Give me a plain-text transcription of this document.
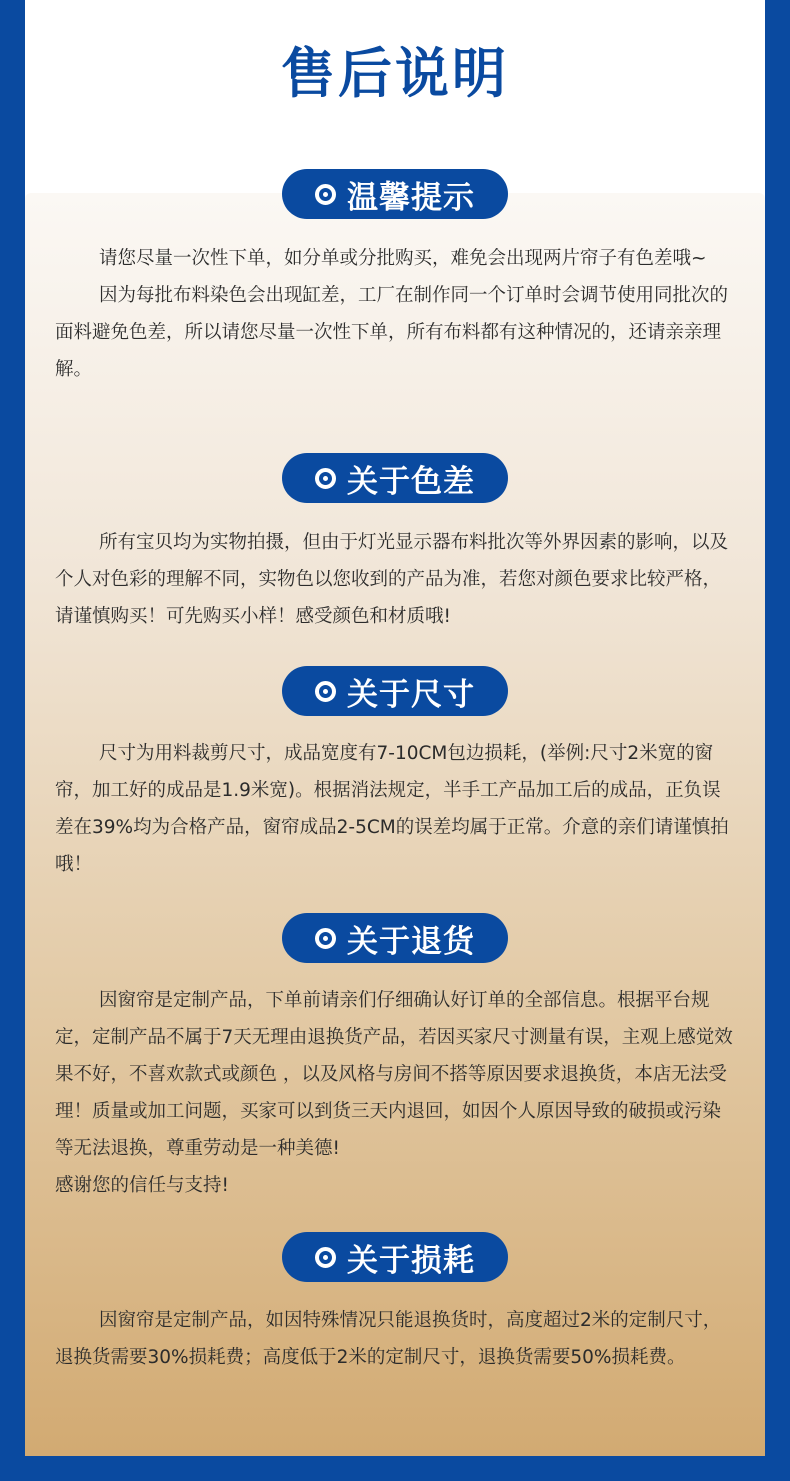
售后说明
温馨提示

请您尽量一次性下单，如分单或分批购买，难免会出现两片帘子有色差哦~

因为每批布料染色会出现缸差，工厂在制作同一个订单时会调节使用同批次的面料避免色差，所以请您尽量一次性下单，所有布料都有这种情况的，还请亲亲理解。

关于色差

所有宝贝均为实物拍摄，但由于灯光显示器布料批次等外界因素的影响，以及个人对色彩的理解不同，实物色以您收到的产品为准，若您对颜色要求比较严格，请谨慎购买！可先购买小样！感受颜色和材质哦!

关于尺寸

尺寸为用料裁剪尺寸，成品宽度有7-10CM包边损耗，(举例:尺寸2米宽的窗帘，加工好的成品是1.9米宽)。根据消法规定，半手工产品加工后的成品，正负误差在39%均为合格产品，窗帘成品2-5CM的误差均属于正常。介意的亲们请谨慎拍哦！

关于退货

因窗帘是定制产品，下单前请亲们仔细确认好订单的全部信息。根据平台规定，定制产品不属于7天无理由退换货产品，若因买家尺寸测量有误，主观上感觉效果不好，不喜欢款式或颜色 ，以及风格与房间不搭等原因要求退换货，本店无法受理！质量或加工问题，买家可以到货三天内退回，如因个人原因导致的破损或污染等无法退换，尊重劳动是一种美德!

感谢您的信任与支持!

关于损耗

因窗帘是定制产品，如因特殊情况只能退换货时，高度超过2米的定制尺寸，退换货需要30%损耗费；高度低于2米的定制尺寸，退换货需要50%损耗费。
